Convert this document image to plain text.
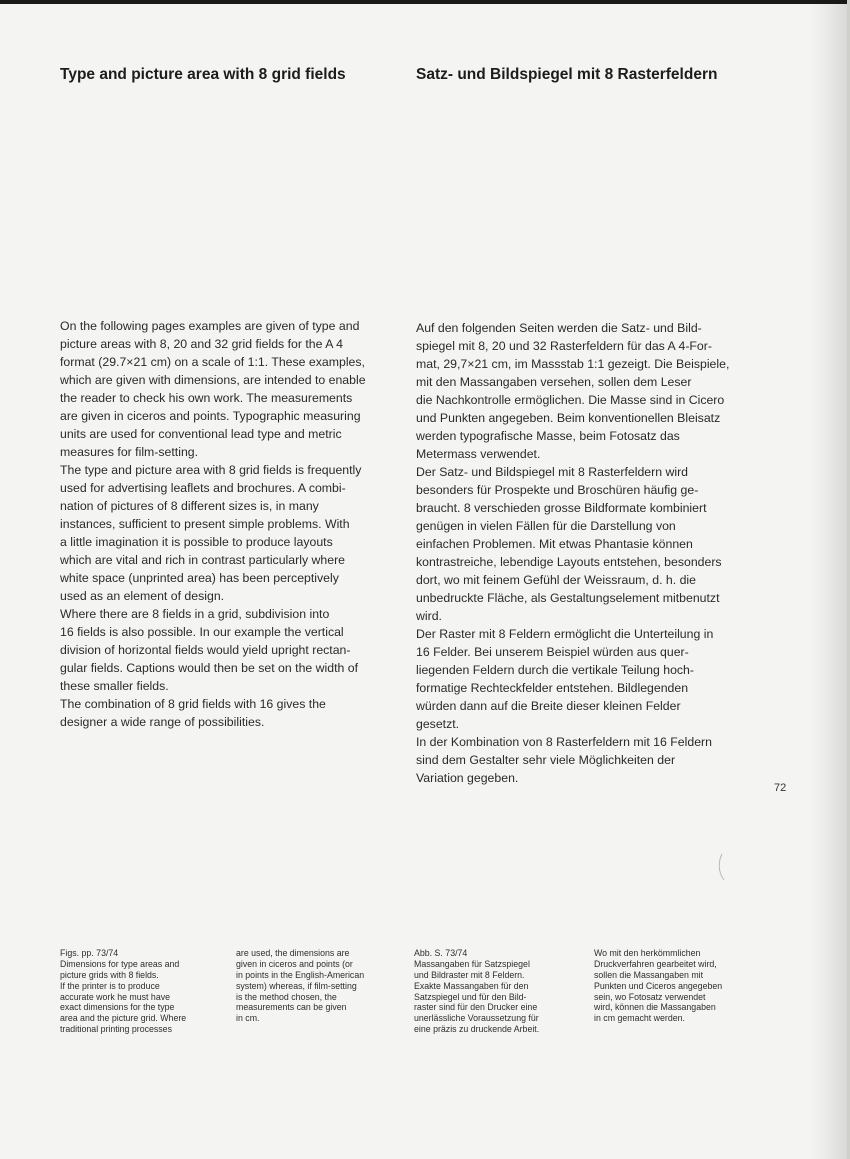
Type and picture area with 8 grid fields	Satz- und Bildspiegel mit 8 Rasterfeldern
On the following pages examples are given of type and
picture areas with 8, 20 and 32 grid fields for the A 4
format (29.7×21 cm) on a scale of 1:1. These examples,
which are given with dimensions, are intended to enable
the reader to check his own work. The measurements
are given in ciceros and points. Typographic measuring
units are used for conventional lead type and metric
measures for film-setting.
The type and picture area with 8 grid fields is frequently
used for advertising leaflets and brochures. A combi-
nation of pictures of 8 different sizes is, in many
instances, sufficient to present simple problems. With
a little imagination it is possible to produce layouts
which are vital and rich in contrast particularly where
white space (unprinted area) has been perceptively
used as an element of design.
Where there are 8 fields in a grid, subdivision into
16 fields is also possible. In our example the vertical
division of horizontal fields would yield upright rectan-
gular fields. Captions would then be set on the width of
these smaller fields.
The combination of 8 grid fields with 16 gives the
designer a wide range of possibilities.
Auf den folgenden Seiten werden die Satz- und Bild-
spiegel mit 8, 20 und 32 Rasterfeldern für das A 4-For-
mat, 29,7×21 cm, im Massstab 1:1 gezeigt. Die Beispiele,
mit den Massangaben versehen, sollen dem Leser
die Nachkontrolle ermöglichen. Die Masse sind in Cicero
und Punkten angegeben. Beim konventionellen Bleisatz
werden typografische Masse, beim Fotosatz das
Metermass verwendet.
Der Satz- und Bildspiegel mit 8 Rasterfeldern wird
besonders für Prospekte und Broschüren häufig ge-
braucht. 8 verschieden grosse Bildformate kombiniert
genügen in vielen Fällen für die Darstellung von
einfachen Problemen. Mit etwas Phantasie können
kontrastreiche, lebendige Layouts entstehen, besonders
dort, wo mit feinem Gefühl der Weissraum, d. h. die
unbedruckte Fläche, als Gestaltungselement mitbenutzt
wird.
Der Raster mit 8 Feldern ermöglicht die Unterteilung in
16 Felder. Bei unserem Beispiel würden aus quer-
liegenden Feldern durch die vertikale Teilung hoch-
formatige Rechteckfelder entstehen. Bildlegenden
würden dann auf die Breite dieser kleinen Felder
gesetzt.
In der Kombination von 8 Rasterfeldern mit 16 Feldern
sind dem Gestalter sehr viele Möglichkeiten der
Variation gegeben.
72
Figs. pp. 73/74
Dimensions for type areas and
picture grids with 8 fields.
If the printer is to produce
accurate work he must have
exact dimensions for the type
area and the picture grid. Where
traditional printing processes
are used, the dimensions are
given in ciceros and points (or
in points in the English-American
system) whereas, if film-setting
is the method chosen, the
measurements can be given
in cm.
Abb. S. 73/74
Massangaben für Satzspiegel
und Bildraster mit 8 Feldern.
Exakte Massangaben für den
Satzspiegel und für den Bild-
raster sind für den Drucker eine
unerlässliche Voraussetzung für
eine präzis zu druckende Arbeit.
Wo mit den herkömmlichen
Druckverfahren gearbeitet wird,
sollen die Massangaben mit
Punkten und Ciceros angegeben
sein, wo Fotosatz verwendet
wird, können die Massangaben
in cm gemacht werden.
